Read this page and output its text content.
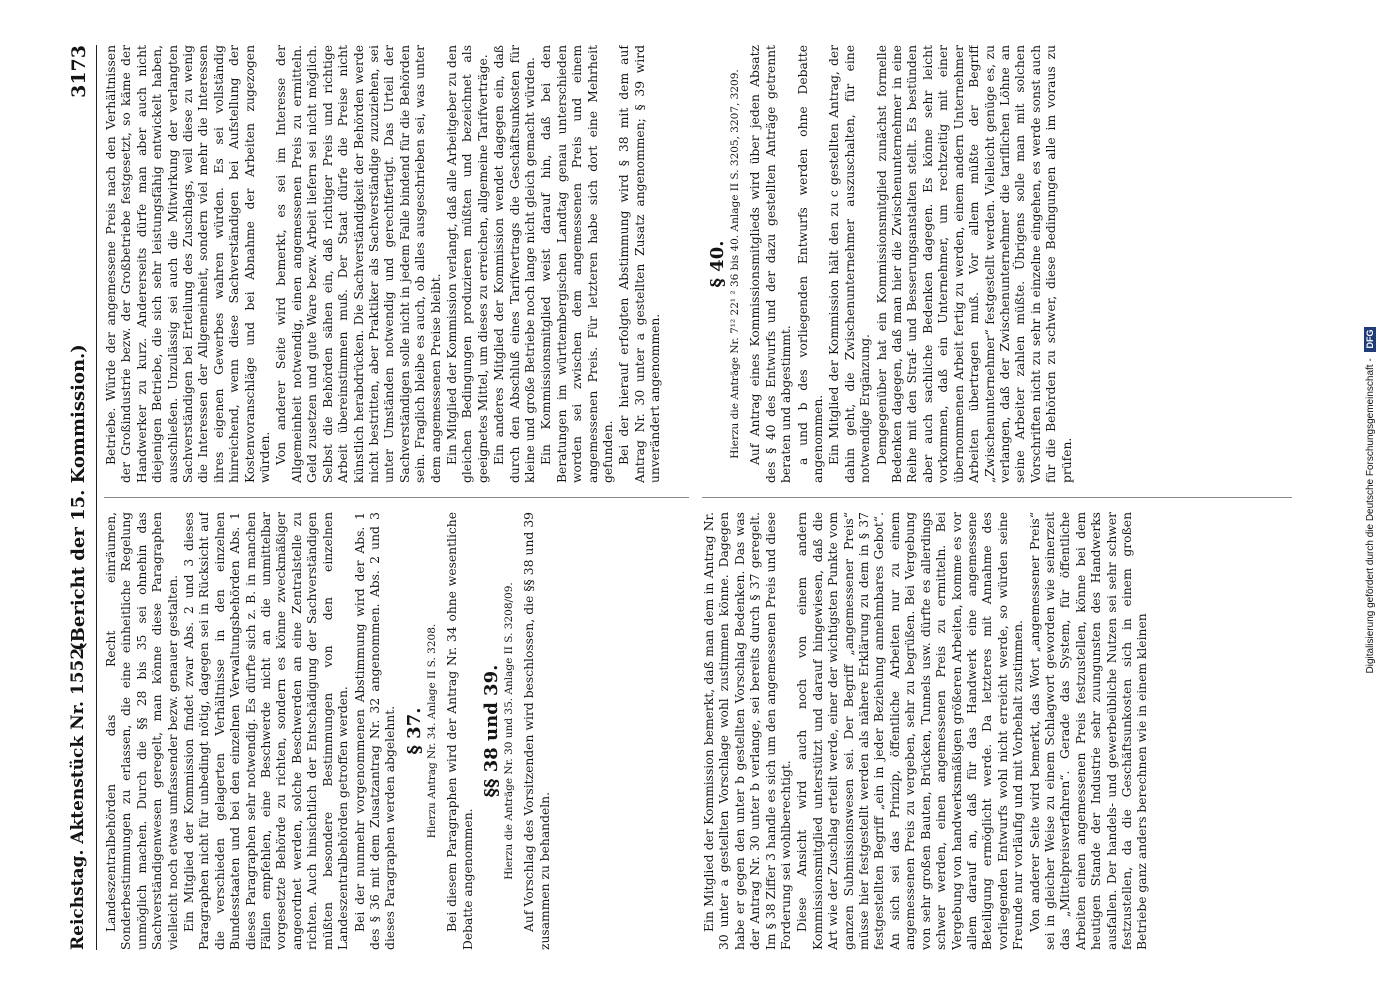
Reichstag. Aktenstück Nr. 1552.
(Bericht der 15. Kommission.)
3173
Landeszentralbehörden das Recht einräumen, Sonderbestimmungen zu erlassen, die eine einheitliche Regelung unmöglich machen. Durch die §§ 28 bis 35 sei ohnehin das Sachverständigenwesen geregelt, man könne diese Paragraphen vielleicht noch etwas umfassender bezw. genauer gestalten. Ein Mitglied der Kommission findet zwar Abs. 2 und 3 dieses Paragraphen nicht für unbedingt nötig, dagegen sei in Rücksicht auf die verschieden gelagerten Verhältnisse in den einzelnen Bundesstaaten und bei den einzelnen Verwaltungsbehörden Abs. 1 dieses Paragraphen sehr notwendig. Es dürfte sich z. B. in manchen Fällen empfehlen, eine Beschwerde nicht an die unmittelbar vorgesetzte Behörde zu richten, sondern es könne zweckmäßiger angeordnet werden, solche Beschwerden an eine Zentralstelle zu richten. Auch hinsichtlich der Entschädigung der Sachverständigen müßten besondere Bestimmungen von den einzelnen Landeszentralbehörden getroffen werden. Bei der nunmehr vorgenommenen Abstimmung wird der Abs. 1 des § 36 mit dem Zusatzantrag Nr. 32 angenommen. Abs. 2 und 3 dieses Paragraphen werden abgelehnt. § 37. Hierzu Antrag Nr. 34. Anlage II S. 3208. Bei diesem Paragraphen wird der Antrag Nr. 34 ohne wesentliche Debatte angenommen.
§§ 38 und 39. Hierzu die Anträge Nr. 30 und 35. Anlage II S. 3208/09. Auf Vorschlag des Vorsitzenden wird beschlossen, die §§ 38 und 39 zusammen zu behandeln.
Betriebe. Würde der angemessene Preis nach den Verhältnissen der Großindustrie bezw. der Großbetriebe festgesetzt, so käme der Handwerker zu kurz. Andererseits dürfe man aber auch nicht diejenigen Betriebe, die sich sehr leistungsfähig entwickelt haben, ausschließen. Unzulässig sei auch die Mitwirkung der verlangten Sachverständigen bei Erteilung des Zuschlags, weil diese zu wenig die Interessen der Allgemeinheit, sondern viel mehr die Interessen ihres eigenen Gewerbes wahren würden. Es sei vollständig hinreichend, wenn diese Sachverständigen bei Aufstellung der Kostenvoranschläge und bei Abnahme der Arbeiten zugezogen würden. Von anderer Seite wird bemerkt, es sei im Interesse der Allgemeinheit notwendig, einen angemessenen Preis zu ermitteln. Geld zusetzen und gute Ware bezw. Arbeit liefern sei nicht möglich. Selbst die Behörden sähen ein, daß richtiger Preis und richtige Arbeit übereinstimmen muß. Der Staat dürfe die Preise nicht künstlich herabdrücken. Die Sachverständigkeit der Behörden werde nicht bestritten, aber Praktiker als Sachverständige zuzuziehen, sei unter Umständen notwendig und gerechtfertigt. Das Urteil der Sachverständigen solle nicht in jedem Falle bindend für die Behörden sein. Fraglich bleibe es auch, ob alles ausgeschrieben sei, was unter dem angemessenen Preise bleibt. Ein Mitglied der Kommission verlangt, daß alle Arbeitgeber zu den gleichen Bedingungen produzieren müßten und bezeichnet als geeignetes Mittel, um dieses zu erreichen, allgemeine Tarifverträge. Ein anderes Mitglied der Kommission wendet dagegen ein, daß durch den Abschluß eines Tarifvertrags die Geschäftsunkosten für kleine und große Betriebe noch lange nicht gleich gemacht würden. Ein Kommissionsmitglied weist darauf hin, daß bei den Beratungen im württembergischen Landtag genau unterschieden worden sei zwischen dem angemessenen Preis und einem angemessenen Preis. Für letzteren habe sich dort eine Mehrheit gefunden. Bei der hierauf erfolgten Abstimmung wird § 38 mit dem auf Antrag Nr. 30 unter a gestellten Zusatz angenommen; § 39 wird unverändert angenommen.
Ein Mitglied der Kommission bemerkt, daß man dem in Antrag Nr. 30 unter a gestellten Vorschlage wohl zustimmen könne. Dagegen habe er gegen den unter b gestellten Vorschlag Bedenken. Das was der Antrag Nr. 30 unter b verlange, sei bereits durch § 37 geregelt. Im § 38 Ziffer 3 handle es sich um den angemessenen Preis und diese Forderung sei wohlberechtigt. Diese Ansicht wird auch noch von einem andern Kommissionsmitglied unterstützt und darauf hingewiesen, daß die Art wie der Zuschlag erteilt werde, einer der wichtigsten Punkte vom ganzen Submissionswesen sei. Der Begriff „angemessener Preis“ müsse hier festgestellt werden als nähere Erklärung zu dem in § 37 festgestellten Begriff „ein in jeder Beziehung annehmbares Gebot“. An sich sei das Prinzip, öffentliche Arbeiten nur zu einem angemessenen Preis zu vergeben, sehr zu begrüßen. Bei Vergebung von sehr großen Bauten, Brücken, Tunnels usw. dürfte es allerdings schwer werden, einen angemessenen Preis zu ermitteln. Bei Vergebung von handwerksmäßigen größeren Arbeiten, komme es vor allem darauf an, daß für das Handwerk eine angemessene Beteiligung ermöglicht werde. Da letzteres mit Annahme des vorliegenden Entwurfs wohl nicht erreicht werde, so würden seine Freunde nur vorläufig und mit Vorbehalt zustimmen. Von anderer Seite wird bemerkt, das Wort „angemessener Preis“ sei in gleicher Weise zu einem Schlagwort geworden wie seinerzeit das „Mittelpreisverfahren“. Gerade das System, für öffentliche Arbeiten einen angemessenen Preis festzustellen, könne bei dem heutigen Stande der Industrie sehr zuungunsten des Handwerks ausfallen. Der handels- und gewerbeübliche Nutzen sei sehr schwer festzustellen, da die Geschäftsunkosten sich in einem großen Betriebe ganz anders berechnen wie in einem kleinen
§ 40. Hierzu die Anträge Nr. 7¹² 22¹ ² 36 bis 40. Anlage II S. 3205, 3207, 3209. Auf Antrag eines Kommissionsmitglieds wird über jeden Absatz des § 40 des Entwurfs und der dazu gestellten Anträge getrennt beraten und abgestimmt. a und b des vorliegenden Entwurfs werden ohne Debatte angenommen. Ein Mitglied der Kommission hält den zu c gestellten Antrag, der dahin geht, die Zwischenunternehmer auszuschalten, für eine notwendige Ergänzung. Demgegenüber hat ein Kommissionsmitglied zunächst formelle Bedenken dagegen, daß man hier die Zwischenunternehmer in eine Reihe mit den Straf- und Besserungsanstalten stellt. Es bestünden aber auch sachliche Bedenken dagegen. Es könne sehr leicht vorkommen, daß ein Unternehmer, um rechtzeitig mit einer übernommenen Arbeit fertig zu werden, einem andern Unternehmer Arbeiten übertragen muß. Vor allem müßte der Begriff „Zwischenunternehmer“ festgestellt werden. Vielleicht genüge es, zu verlangen, daß der Zwischenunternehmer die tariflichen Löhne an seine Arbeiter zahlen müßte. Übrigens solle man mit solchen Vorschriften nicht zu sehr in einzelne eingehen, es werde sonst auch für die Behörden zu schwer, diese Bedingungen alle im voraus zu prüfen.	Digitalisierung gefördert durch die Deutsche Forschungsgemeinschaft - DFG
